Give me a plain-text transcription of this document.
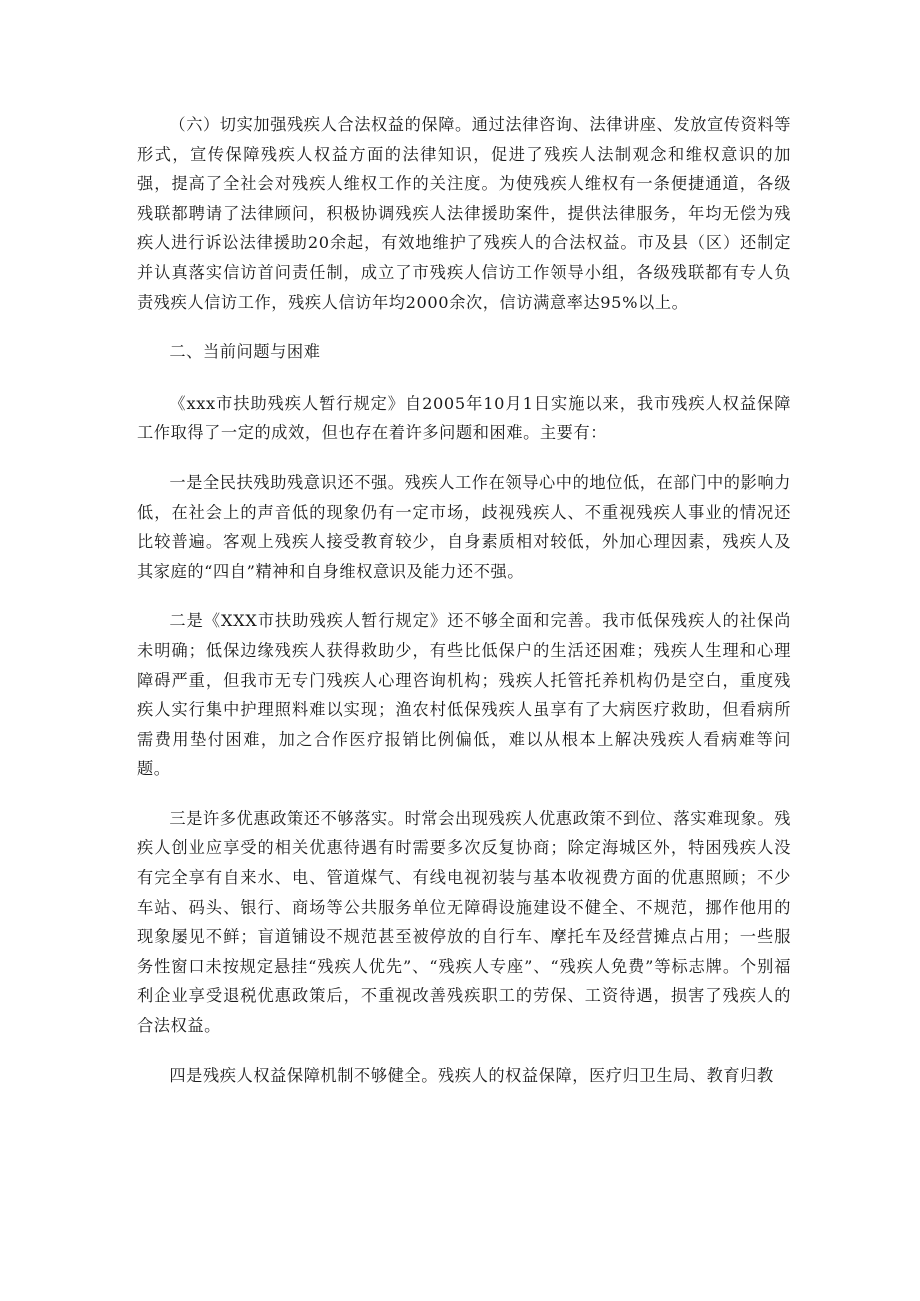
（六）切实加强残疾人合法权益的保障。通过法律咨询、法律讲座、发放宣传资料等形式，宣传保障残疾人权益方面的法律知识，促进了残疾人法制观念和维权意识的加强，提高了全社会对残疾人维权工作的关注度。为使残疾人维权有一条便捷通道，各级残联都聘请了法律顾问，积极协调残疾人法律援助案件，提供法律服务，年均无偿为残疾人进行诉讼法律援助20余起，有效地维护了残疾人的合法权益。市及县（区）还制定并认真落实信访首问责任制，成立了市残疾人信访工作领导小组，各级残联都有专人负责残疾人信访工作，残疾人信访年均2000余次，信访满意率达95%以上。

二、当前问题与困难

《xxx市扶助残疾人暂行规定》自2005年10月1日实施以来，我市残疾人权益保障工作取得了一定的成效，但也存在着许多问题和困难。主要有：

一是全民扶残助残意识还不强。残疾人工作在领导心中的地位低，在部门中的影响力低，在社会上的声音低的现象仍有一定市场，歧视残疾人、不重视残疾人事业的情况还比较普遍。客观上残疾人接受教育较少，自身素质相对较低，外加心理因素，残疾人及其家庭的“四自”精神和自身维权意识及能力还不强。

二是《XXX市扶助残疾人暂行规定》还不够全面和完善。我市低保残疾人的社保尚未明确；低保边缘残疾人获得救助少，有些比低保户的生活还困难；残疾人生理和心理障碍严重，但我市无专门残疾人心理咨询机构；残疾人托管托养机构仍是空白，重度残疾人实行集中护理照料难以实现；渔农村低保残疾人虽享有了大病医疗救助，但看病所需费用垫付困难，加之合作医疗报销比例偏低，难以从根本上解决残疾人看病难等问题。

三是许多优惠政策还不够落实。时常会出现残疾人优惠政策不到位、落实难现象。残疾人创业应享受的相关优惠待遇有时需要多次反复协商；除定海城区外，特困残疾人没有完全享有自来水、电、管道煤气、有线电视初装与基本收视费方面的优惠照顾；不少车站、码头、银行、商场等公共服务单位无障碍设施建设不健全、不规范，挪作他用的现象屡见不鲜；盲道铺设不规范甚至被停放的自行车、摩托车及经营摊点占用；一些服务性窗口未按规定悬挂“残疾人优先”、“残疾人专座”、“残疾人免费”等标志牌。个别福利企业享受退税优惠政策后，不重视改善残疾职工的劳保、工资待遇，损害了残疾人的合法权益。

四是残疾人权益保障机制不够健全。残疾人的权益保障，医疗归卫生局、教育归教
